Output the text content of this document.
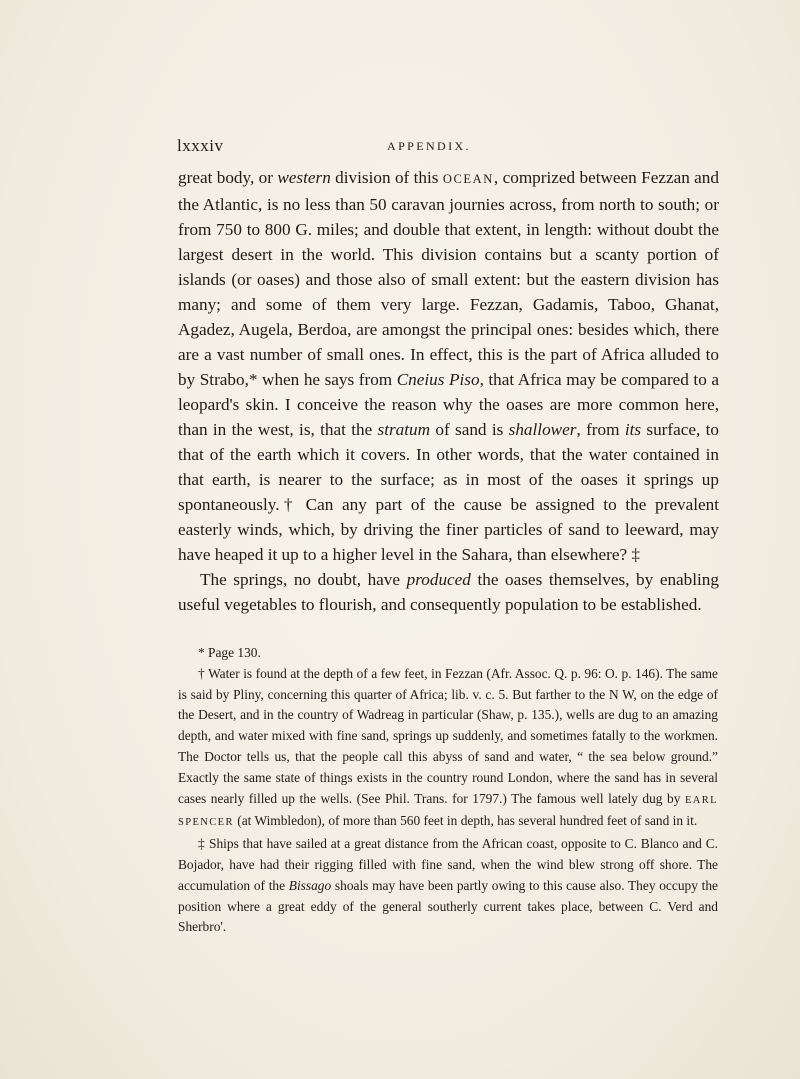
lxxxiv	APPENDIX.

great body, or western division of this OCEAN, comprized between Fezzan and the Atlantic, is no less than 50 caravan journies across, from north to south; or from 750 to 800 G. miles; and double that extent, in length: without doubt the largest desert in the world. This division contains but a scanty portion of islands (or oases) and those also of small extent: but the eastern division has many; and some of them very large. Fezzan, Gadamis, Taboo, Ghanat, Agadez, Augela, Berdoa, are amongst the principal ones: besides which, there are a vast number of small ones. In effect, this is the part of Africa alluded to by Strabo,* when he says from Cneius Piso, that Africa may be compared to a leopard's skin. I conceive the reason why the oases are more common here, than in the west, is, that the stratum of sand is shallower, from its surface, to that of the earth which it covers. In other words, that the water contained in that earth, is nearer to the surface; as in most of the oases it springs up spontaneously.† Can any part of the cause be assigned to the prevalent easterly winds, which, by driving the finer particles of sand to leeward, may have heaped it up to a higher level in the Sahara, than elsewhere? ‡

The springs, no doubt, have produced the oases themselves, by enabling useful vegetables to flourish, and consequently population to be established.

* Page 130.

† Water is found at the depth of a few feet, in Fezzan (Afr. Assoc. Q. p. 96: O. p. 146). The same is said by Pliny, concerning this quarter of Africa; lib. v. c. 5. But farther to the N W, on the edge of the Desert, and in the country of Wadreag in particular (Shaw, p. 135.), wells are dug to an amazing depth, and water mixed with fine sand, springs up suddenly, and sometimes fatally to the workmen. The Doctor tells us, that the people call this abyss of sand and water, “ the sea below ground.” Exactly the same state of things exists in the country round London, where the sand has in several cases nearly filled up the wells. (See Phil. Trans. for 1797.) The famous well lately dug by EARL SPENCER (at Wimbledon), of more than 560 feet in depth, has several hundred feet of sand in it.

‡ Ships that have sailed at a great distance from the African coast, opposite to C. Blanco and C. Bojador, have had their rigging filled with fine sand, when the wind blew strong off shore. The accumulation of the Bissago shoals may have been partly owing to this cause also. They occupy the position where a great eddy of the general southerly current takes place, between C. Verd and Sherbro'.
